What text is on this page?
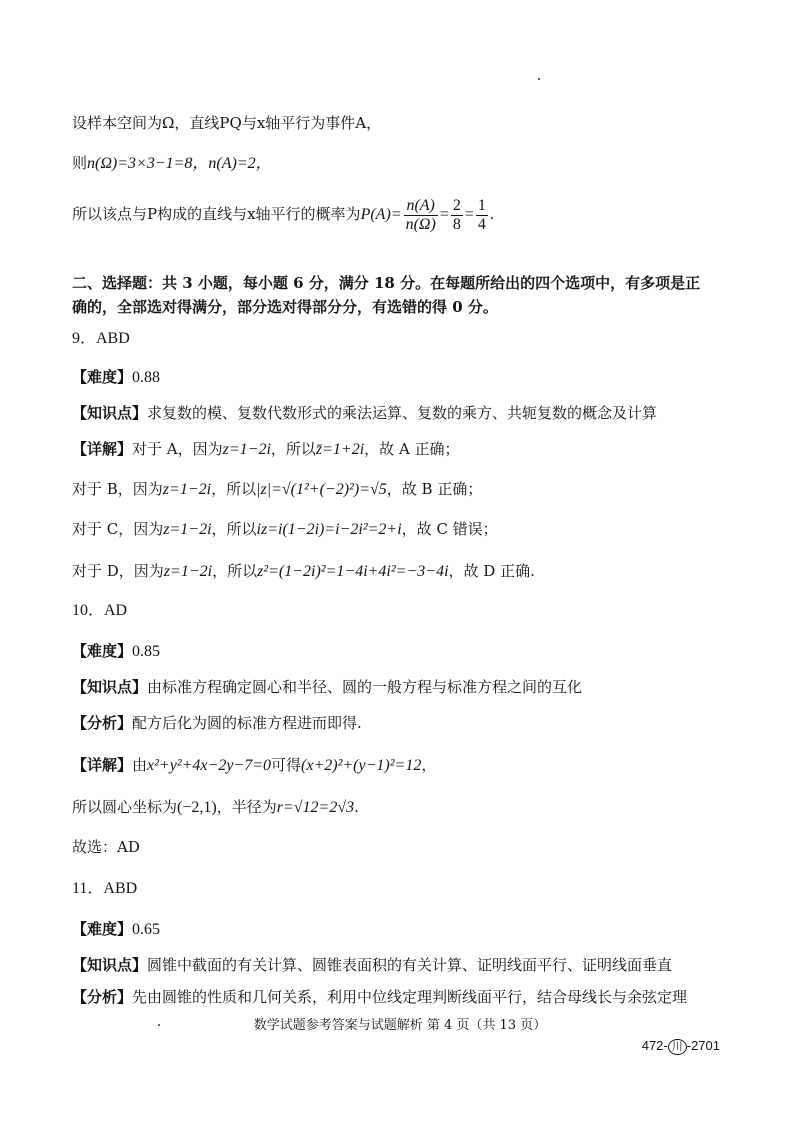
设样本空间为Ω，直线PQ与x轴平行为事件A，
则n(Ω)=3×3−1=8，n(A)=2，
所以该点与P构成的直线与x轴平行的概率为$P(A)= \frac{n(A)}{n(\Omega)} = \frac{2}{8} = \frac{1}{4}$ .
二、选择题：共 3 小题，每小题 6 分，满分 18 分。在每题所给出的四个选项中，有多项是正
确的，全部选对得满分，部分选对得部分分，有选错的得 0 分。
9．ABD
【难度】0.88
【知识点】求复数的模、复数代数形式的乘法运算、复数的乘方、共轭复数的概念及计算
【详解】对于 A，因为z=1−2i，所以z̄=1+2i，故 A 正确；
对于 B，因为z=1−2i，所以|z|=√(1²+(−2)²)=√5，故 B 正确；
对于 C，因为z=1−2i，所以iz=i(1−2i)=i−2i²=2+i，故 C 错误；
对于 D，因为z=1−2i，所以z²=(1−2i)²=1−4i+4i²=−3−4i，故 D 正确.
10．AD
【难度】0.85
【知识点】由标准方程确定圆心和半径、圆的一般方程与标准方程之间的互化
【分析】配方后化为圆的标准方程进而即得.
【详解】由x²+y²+4x−2y−7=0可得(x+2)²+(y−1)²=12，
所以圆心坐标为(−2,1)，半径为r=√12=2√3.
故选：AD
11．ABD
【难度】0.65
【知识点】圆锥中截面的有关计算、圆锥表面积的有关计算、证明线面平行、证明线面垂直
【分析】先由圆锥的性质和几何关系，利用中位线定理判断线面平行，结合母线长与余弦定理
数学试题参考答案与试题解析 第 4 页（共 13 页）
472- 川 -2701
